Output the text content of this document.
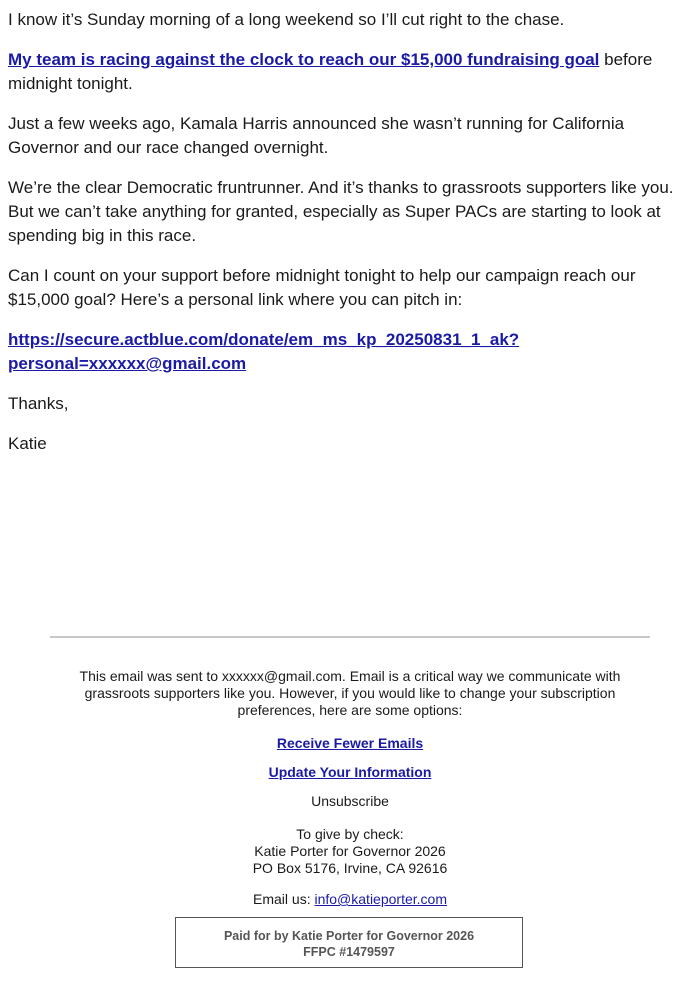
I know it’s Sunday morning of a long weekend so I’ll cut right to the chase.

My team is racing against the clock to reach our $15,000 fundraising goal before midnight tonight.

Just a few weeks ago, Kamala Harris announced she wasn’t running for California Governor and our race changed overnight.

We’re the clear Democratic fruntrunner. And it’s thanks to grassroots supporters like you. But we can’t take anything for granted, especially as Super PACs are starting to look at spending big in this race.

Can I count on your support before midnight tonight to help our campaign reach our $15,000 goal? Here’s a personal link where you can pitch in:

https://secure.actblue.com/donate/em_ms_kp_20250831_1_ak?
personal=xxxxxx@gmail.com

Thanks,

Katie

This email was sent to xxxxxx@gmail.com. Email is a critical way we communicate with grassroots supporters like you. However, if you would like to change your subscription preferences, here are some options:

Receive Fewer Emails

Update Your Information

Unsubscribe

To give by check:

Katie Porter for Governor 2026

PO Box 5176, Irvine, CA 92616

Email us: info@katieporter.com

Paid for by Katie Porter for Governor 2026
FFPC #1479597
